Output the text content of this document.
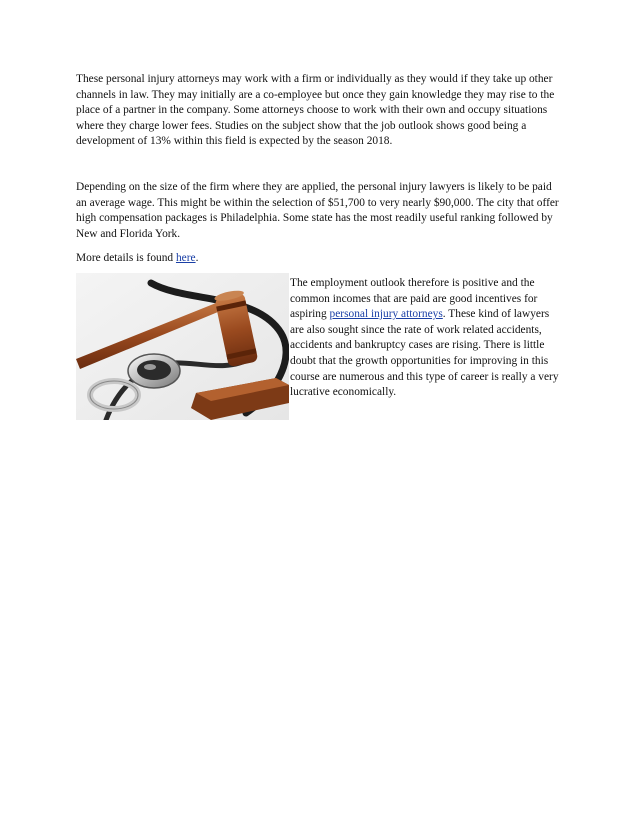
These personal injury attorneys may work with a firm or individually as they would if they take up other channels in law. They may initially are a co-employee but once they gain knowledge they may rise to the place of a partner in the company. Some attorneys choose to work with their own and occupy situations where they charge lower fees. Studies on the subject show that the job outlook shows good being a development of 13% within this field is expected by the season 2018.

Depending on the size of the firm where they are applied, the personal injury lawyers is likely to be paid an average wage. This might be within the selection of $51,700 to very nearly $90,000. The city that offer high compensation packages is Philadelphia. Some state has the most readily useful ranking followed by New and Florida York.

More details is found here.

The employment outlook therefore is positive and the common incomes that are paid are good incentives for aspiring personal injury attorneys. These kind of lawyers are also sought since the rate of work related accidents, accidents and bankruptcy cases are rising. There is little doubt that the growth opportunities for improving in this course are numerous and this type of career is really a very lucrative economically.
